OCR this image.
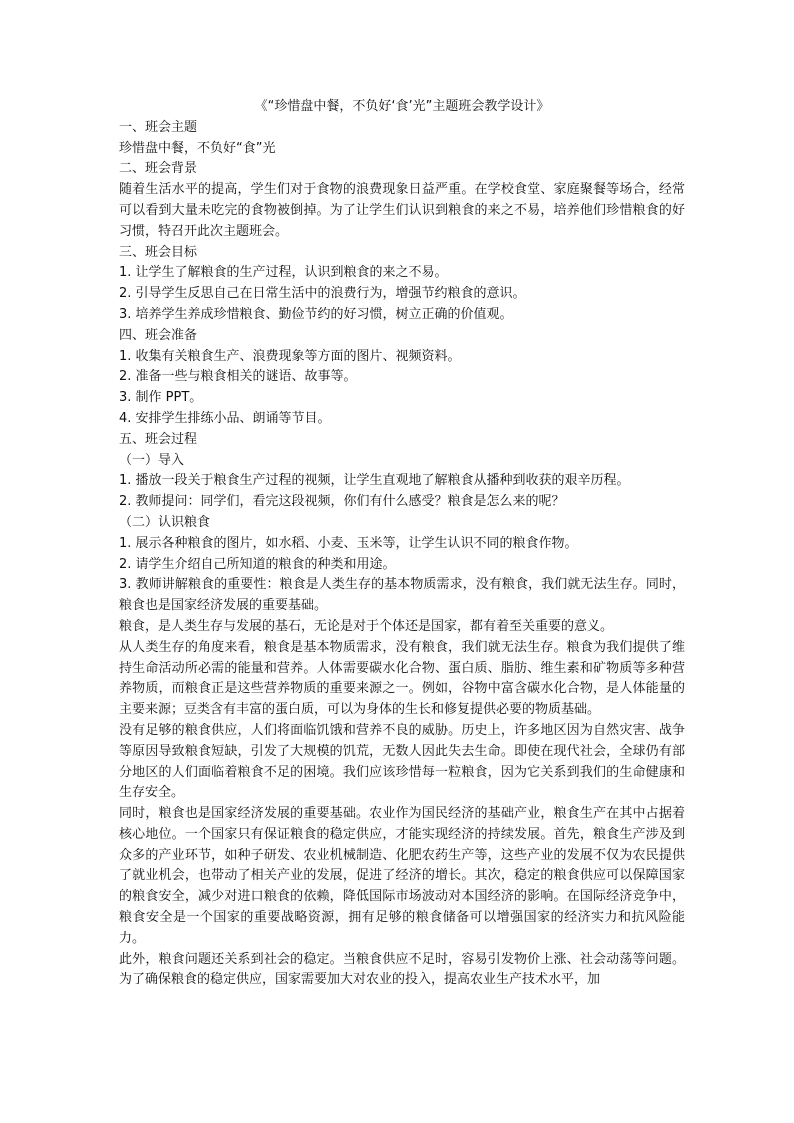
《“珍惜盘中餐，不负好‘食’光”主题班会教学设计》
一、班会主题
珍惜盘中餐，不负好“食”光
二、班会背景
随着生活水平的提高，学生们对于食物的浪费现象日益严重。在学校食堂、家庭聚餐等场合，经常可以看到大量未吃完的食物被倒掉。为了让学生们认识到粮食的来之不易，培养他们珍惜粮食的好习惯，特召开此次主题班会。
三、班会目标
1. 让学生了解粮食的生产过程，认识到粮食的来之不易。
2. 引导学生反思自己在日常生活中的浪费行为，增强节约粮食的意识。
3. 培养学生养成珍惜粮食、勤俭节约的好习惯，树立正确的价值观。
四、班会准备
1. 收集有关粮食生产、浪费现象等方面的图片、视频资料。
2. 准备一些与粮食相关的谜语、故事等。
3. 制作 PPT。
4. 安排学生排练小品、朗诵等节目。
五、班会过程
（一）导入
1. 播放一段关于粮食生产过程的视频，让学生直观地了解粮食从播种到收获的艰辛历程。
2. 教师提问：同学们，看完这段视频，你们有什么感受？粮食是怎么来的呢？
（二）认识粮食
1. 展示各种粮食的图片，如水稻、小麦、玉米等，让学生认识不同的粮食作物。
2. 请学生介绍自己所知道的粮食的种类和用途。
3. 教师讲解粮食的重要性：粮食是人类生存的基本物质需求，没有粮食，我们就无法生存。同时，粮食也是国家经济发展的重要基础。
粮食，是人类生存与发展的基石，无论是对于个体还是国家，都有着至关重要的意义。
从人类生存的角度来看，粮食是基本物质需求，没有粮食，我们就无法生存。粮食为我们提供了维持生命活动所必需的能量和营养。人体需要碳水化合物、蛋白质、脂肪、维生素和矿物质等多种营养物质，而粮食正是这些营养物质的重要来源之一。例如，谷物中富含碳水化合物，是人体能量的主要来源；豆类含有丰富的蛋白质，可以为身体的生长和修复提供必要的物质基础。
没有足够的粮食供应，人们将面临饥饿和营养不良的威胁。历史上，许多地区因为自然灾害、战争等原因导致粮食短缺，引发了大规模的饥荒，无数人因此失去生命。即使在现代社会，全球仍有部分地区的人们面临着粮食不足的困境。我们应该珍惜每一粒粮食，因为它关系到我们的生命健康和生存安全。
同时，粮食也是国家经济发展的重要基础。农业作为国民经济的基础产业，粮食生产在其中占据着核心地位。一个国家只有保证粮食的稳定供应，才能实现经济的持续发展。首先，粮食生产涉及到众多的产业环节，如种子研发、农业机械制造、化肥农药生产等，这些产业的发展不仅为农民提供了就业机会，也带动了相关产业的发展，促进了经济的增长。其次，稳定的粮食供应可以保障国家的粮食安全，减少对进口粮食的依赖，降低国际市场波动对本国经济的影响。在国际经济竞争中，粮食安全是一个国家的重要战略资源，拥有足够的粮食储备可以增强国家的经济实力和抗风险能力。
此外，粮食问题还关系到社会的稳定。当粮食供应不足时，容易引发物价上涨、社会动荡等问题。为了确保粮食的稳定供应，国家需要加大对农业的投入，提高农业生产技术水平，加
